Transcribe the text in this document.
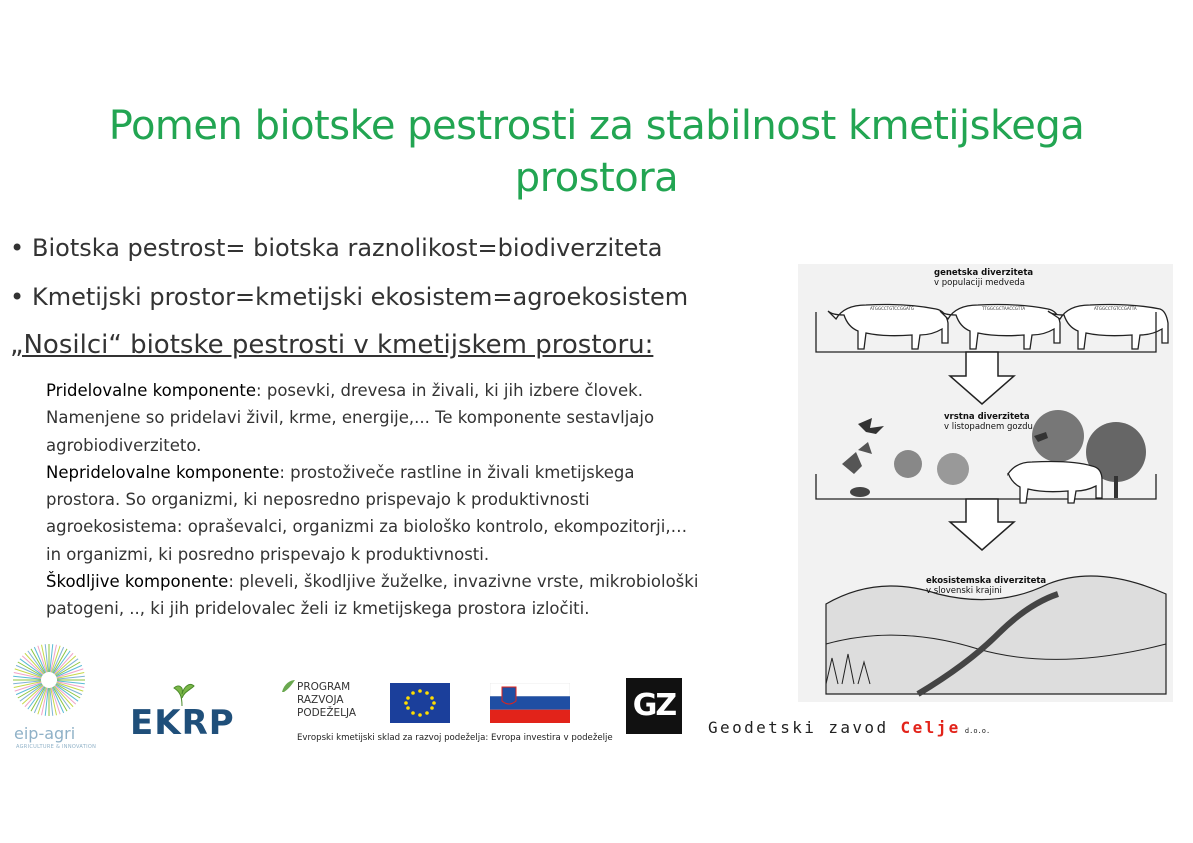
Pomen biotske pestrosti za stabilnost kmetijskega
prostora
• Biotska pestrost= biotska raznolikost=biodiverziteta
• Kmetijski prostor=kmetijski ekosistem=agroekosistem
„Nosilci“ biotske pestrosti v kmetijskem prostoru:
Pridelovalne komponente: posevki, drevesa in živali, ki jih izbere človek.
Namenjene so pridelavi živil, krme, energije,... Te komponente sestavljajo
agrobiodiverziteto.
Nepridelovalne komponente: prostoživeče rastline in živali kmetijskega
prostora. So organizmi, ki neposredno prispevajo k produktivnosti
agroekosistema: opraševalci, organizmi za biološko kontrolo, ekompozitorji,…
in organizmi, ki posredno prispevajo k produktivnosti.
Škodljive komponente: pleveli, škodljive žuželke, invazivne vrste, mikrobiološki
patogeni, .., ki jih pridelovalec želi iz kmetijskega prostora izločiti.
genetska diverziteta
v populaciji medveda
vrstna diverziteta
v listopadnem gozdu
ekosistemska diverziteta
v slovenski krajini
ATGGCCTGTCCGGATG	TTGGCGCTAACCGTTA	ATGGCCTGTCCGATTA
eip-agri
AGRICULTURE & INNOVATION
EKRP
PROGRAM
RAZVOJA
PODEŽELJA
Evropski kmetijski sklad za razvoj podeželja: Evropa investira v podeželje
GZ
Geodetski zavod Celje d.o.o.
